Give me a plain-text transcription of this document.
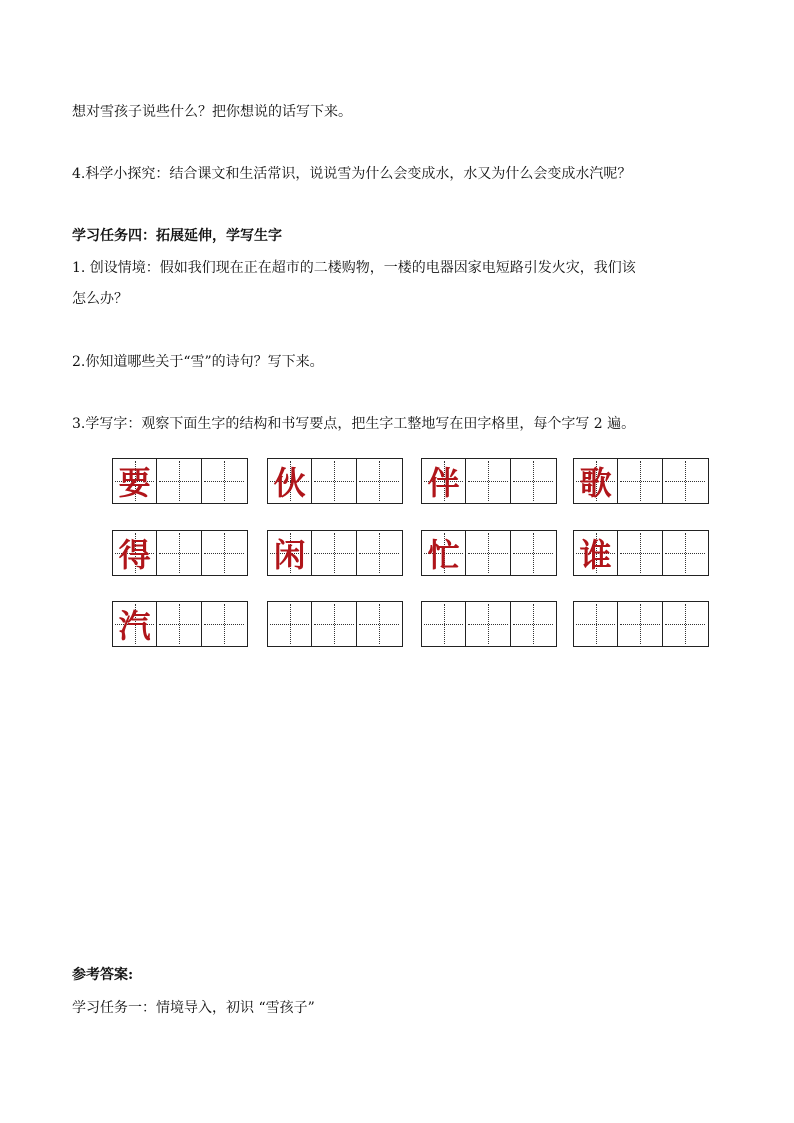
想对雪孩子说些什么？把你想说的话写下来。
4.科学小探究：结合课文和生活常识，说说雪为什么会变成水，水又为什么会变成水汽呢？
学习任务四：拓展延伸，学写生字
1. 创设情境：假如我们现在正在超市的二楼购物，一楼的电器因家电短路引发火灾，我们该
怎么办？
2.你知道哪些关于“雪”的诗句？写下来。
3.学写字：观察下面生字的结构和书写要点，把生字工整地写在田字格里，每个字写 2 遍。
要	伙	伴	歌
得	闲	忙	谁
汽
参考答案:
学习任务一：情境导入，初识 “雪孩子”
